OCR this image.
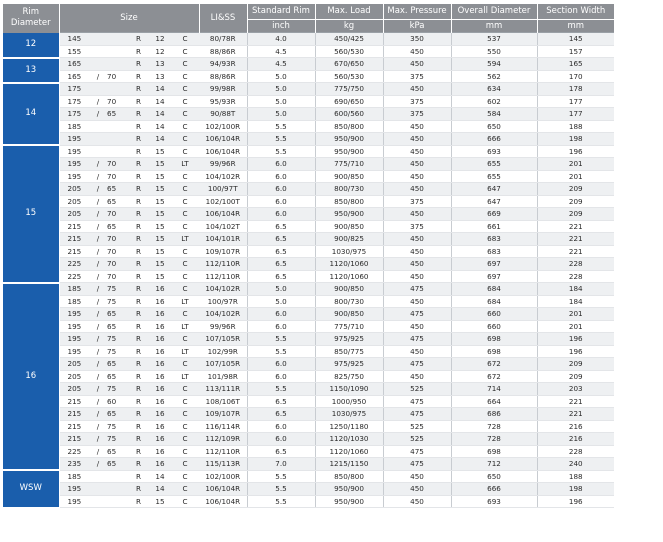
Rim Diameter	Size						LI&SS	Standard Rim	Max. Load	Max. Pressure	Overall Diameter	Section Width
								inch	kg	kPa	mm	mm
12	145			R	12	C	80/78R	4.0	450/425	350	537	145
	155			R	12	C	88/86R	4.5	560/530	450	550	157
13	165			R	13	C	94/93R	4.5	670/650	450	594	165
	165	/	70	R	13	C	88/86R	5.0	560/530	375	562	170
14	175			R	14	C	99/98R	5.0	775/750	450	634	178
	175	/	70	R	14	C	95/93R	5.0	690/650	375	602	177
	175	/	65	R	14	C	90/88T	5.0	600/560	375	584	177
	185			R	14	C	102/100R	5.5	850/800	450	650	188
	195			R	14	C	106/104R	5.5	950/900	450	666	198
15	195			R	15	C	106/104R	5.5	950/900	450	693	196
	195	/	70	R	15	LT	99/96R	6.0	775/710	450	655	201
	195	/	70	R	15	C	104/102R	6.0	900/850	450	655	201
	205	/	65	R	15	C	100/97T	6.0	800/730	450	647	209
	205	/	65	R	15	C	102/100T	6.0	850/800	375	647	209
	205	/	70	R	15	C	106/104R	6.0	950/900	450	669	209
	215	/	65	R	15	C	104/102T	6.5	900/850	375	661	221
	215	/	70	R	15	LT	104/101R	6.5	900/825	450	683	221
	215	/	70	R	15	C	109/107R	6.5	1030/975	450	683	221
	225	/	70	R	15	C	112/110R	6.5	1120/1060	450	697	228
	225	/	70	R	15	C	112/110R	6.5	1120/1060	450	697	228
16	185	/	75	R	16	C	104/102R	5.0	900/850	475	684	184
	185	/	75	R	16	LT	100/97R	5.0	800/730	450	684	184
	195	/	65	R	16	C	104/102R	6.0	900/850	475	660	201
	195	/	65	R	16	LT	99/96R	6.0	775/710	450	660	201
	195	/	75	R	16	C	107/105R	5.5	975/925	475	698	196
	195	/	75	R	16	LT	102/99R	5.5	850/775	450	698	196
	205	/	65	R	16	C	107/105R	6.0	975/925	475	672	209
	205	/	65	R	16	LT	101/98R	6.0	825/750	450	672	209
	205	/	75	R	16	C	113/111R	5.5	1150/1090	525	714	203
	215	/	60	R	16	C	108/106T	6.5	1000/950	475	664	221
	215	/	65	R	16	C	109/107R	6.5	1030/975	475	686	221
	215	/	75	R	16	C	116/114R	6.0	1250/1180	525	728	216
	215	/	75	R	16	C	112/109R	6.0	1120/1030	525	728	216
	225	/	65	R	16	C	112/110R	6.5	1120/1060	475	698	228
	235	/	65	R	16	C	115/113R	7.0	1215/1150	475	712	240
WSW	185			R	14	C	102/100R	5.5	850/800	450	650	188
	195			R	14	C	106/104R	5.5	950/900	450	666	198
	195			R	15	C	106/104R	5.5	950/900	450	693	196
